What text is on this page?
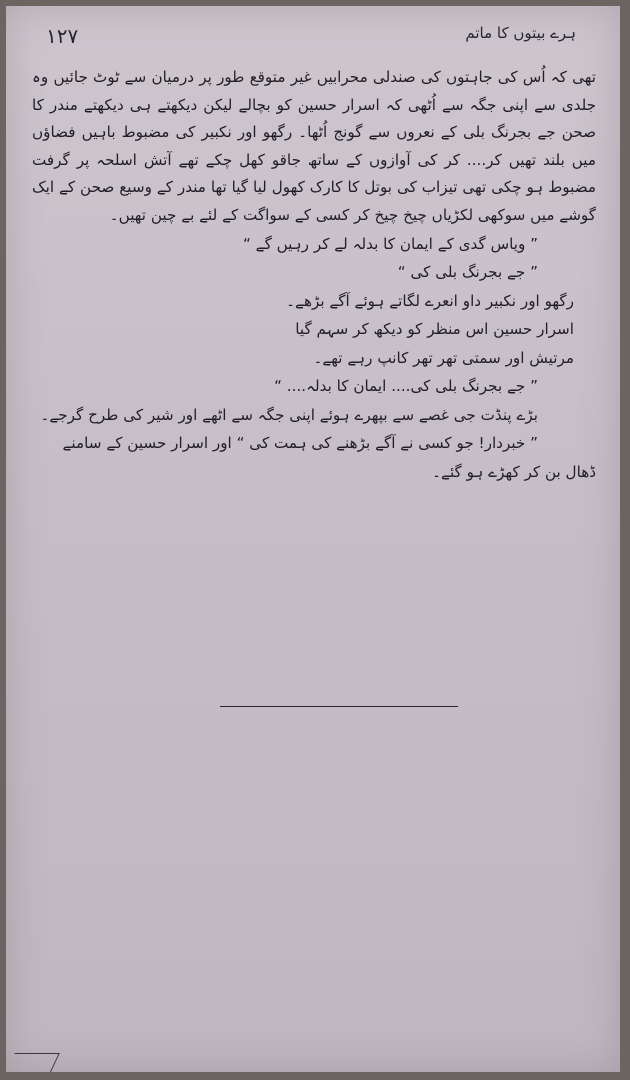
۱۲۷	ہرے بیتوں کا ماتم

تھی کہ اُس کی جاہتوں کی صندلی محرابیں غیر متوقع طور پر درمیان سے ٹوٹ جائیں وہ جلدی سے اپنی جگہ سے اُٹھی کہ اسرار حسین کو بچالے لیکن دیکھتے ہی دیکھتے مندر کا صحن جے بجرنگ بلی کے نعروں سے گونج اُٹھا۔ رگھو اور نکبیر کی مضبوط باہیں فضاؤں میں بلند تھیں کر.... کر کی آوازوں کے ساتھ جاقو کھل چکے تھے آتش اسلحہ پر گرفت مضبوط ہو چکی تھی تیزاب کی بوتل کا کارک کھول لیا گیا تھا مندر کے وسیع صحن کے ایک گوشے میں سوکھی لکڑیاں چیخ چیخ کر کسی کے سواگت کے لئے بے چین تھیں۔

” ویاس گدی کے ایمان کا بدلہ لے کر رہیں گے “

” جے بجرنگ بلی کی “

رگھو اور نکبیر داو انعرے لگاتے ہوئے آگے بڑھے۔

اسرار حسین اس منظر کو دیکھ کر سہم گیا

مرتیش اور سمتی تھر تھر کانپ رہے تھے۔

” جے بجرنگ بلی کی.... ایمان کا بدلہ.... “

بڑے پنڈت جی غصے سے بپھرے ہوئے اپنی جگہ سے اٹھے اور شیر کی طرح گرجے۔

” خبردار! جو کسی نے آگے بڑھنے کی ہمت کی “ اور اسرار حسین کے سامنے

ڈھال بن کر کھڑے ہو گئے۔
